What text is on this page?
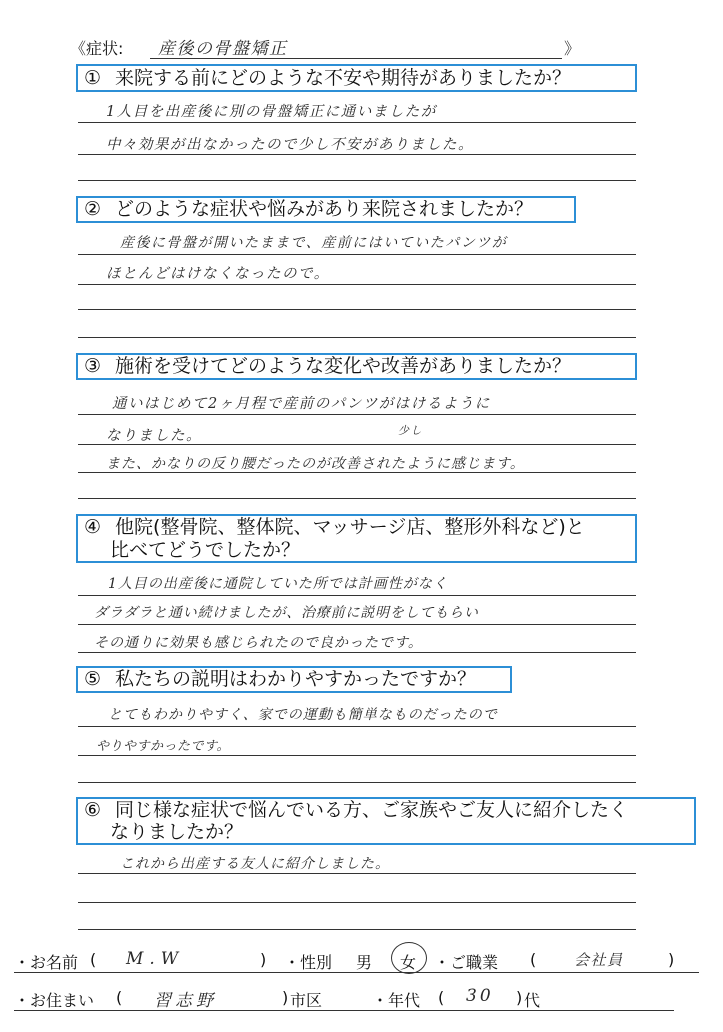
《症状: 産後の骨盤矯正	》
① 来院する前にどのような不安や期待がありましたか？
1人目を出産後に別の骨盤矯正に通いましたが
中々効果が出なかったので少し不安がありました。
② どのような症状や悩みがあり来院されましたか？
産後に骨盤が開いたままで、産前にはいていたパンツが
ほとんどはけなくなったので。
③ 施術を受けてどのような変化や改善がありましたか？
通いはじめて2ヶ月程で産前のパンツがはけるように
なりました。	少し
また、かなりの反り腰だったのが改善されたように感じます。
④ 他院(整骨院、整体院、マッサージ店、整形外科など)と
比べてどうでしたか？
1人目の出産後に通院していた所では計画性がなく
ダラダラと通い続けましたが、治療前に説明をしてもらい
その通りに効果も感じられたので良かったです。
⑤ 私たちの説明はわかりやすかったですか？
とてもわかりやすく、家での運動も簡単なものだったので
やりやすかったです。
⑥ 同じ様な症状で悩んでいる方、ご家族やご友人に紹介したく
なりましたか？
これから出産する友人に紹介しました。
・お名前 ( M.W	) ・性別 男 女 ・ご職業 (	会社員	)
・お住まい ( 習志野	) 市区	・年代 ( 30 ) 代
